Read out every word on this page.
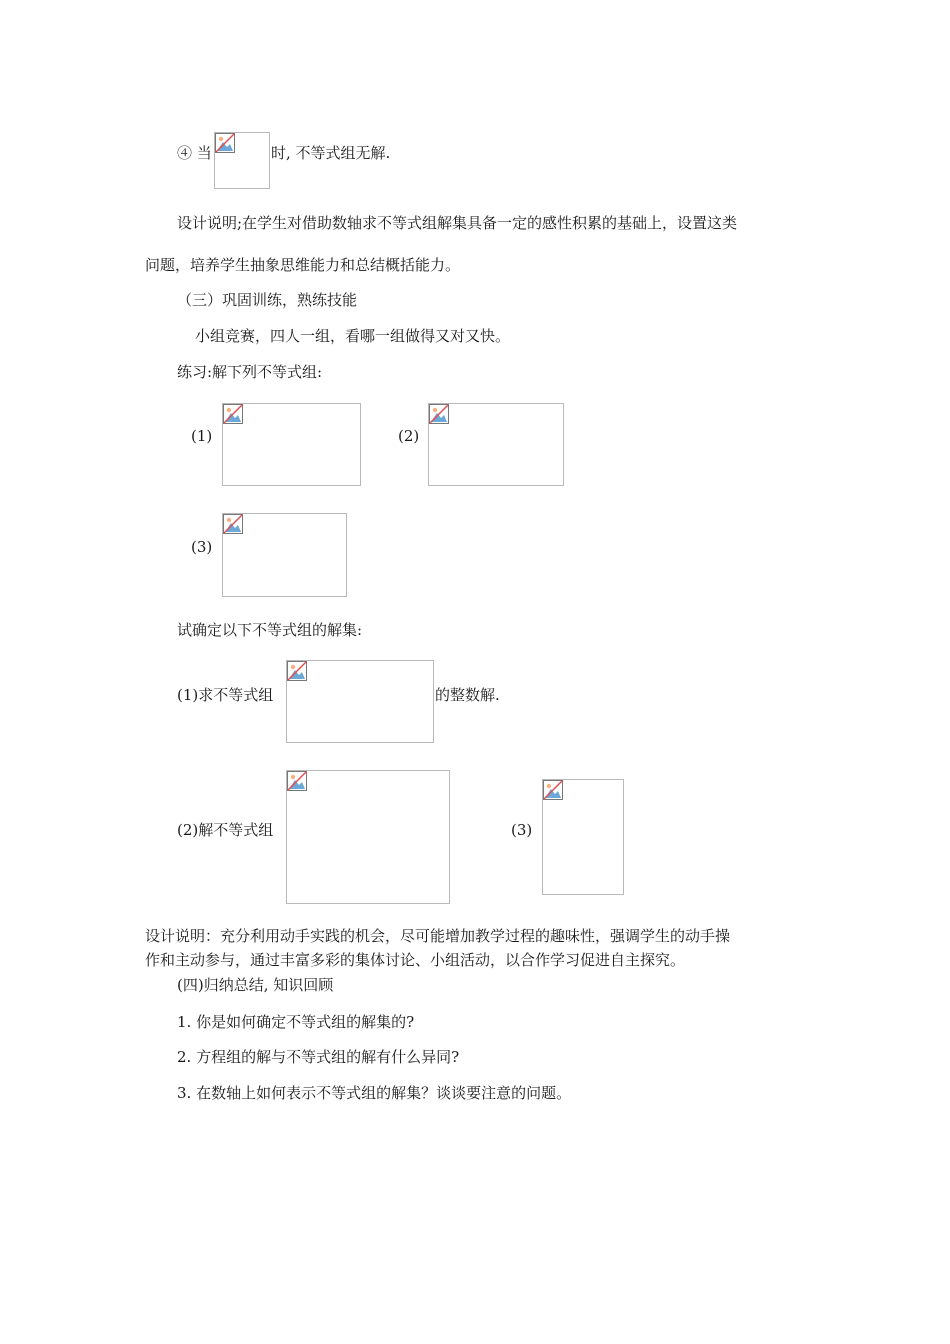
④ 当	时, 不等式组无解.
设计说明;在学生对借助数轴求不等式组解集具备一定的感性积累的基础上，设置这类
问题，培养学生抽象思维能力和总结概括能力。
（三）巩固训练，熟练技能
小组竞赛，四人一组，看哪一组做得又对又快。
练习:解下列不等式组:
(1)	(2)
(3)
试确定以下不等式组的解集:
(1)求不等式组	的整数解.
(2)解不等式组	(3)
设计说明：充分利用动手实践的机会，尽可能增加教学过程的趣味性，强调学生的动手操
作和主动参与，通过丰富多彩的集体讨论、小组活动，以合作学习促进自主探究。
(四)归纳总结, 知识回顾
1. 你是如何确定不等式组的解集的?
2. 方程组的解与不等式组的解有什么异同?
3. 在数轴上如何表示不等式组的解集？谈谈要注意的问题。
